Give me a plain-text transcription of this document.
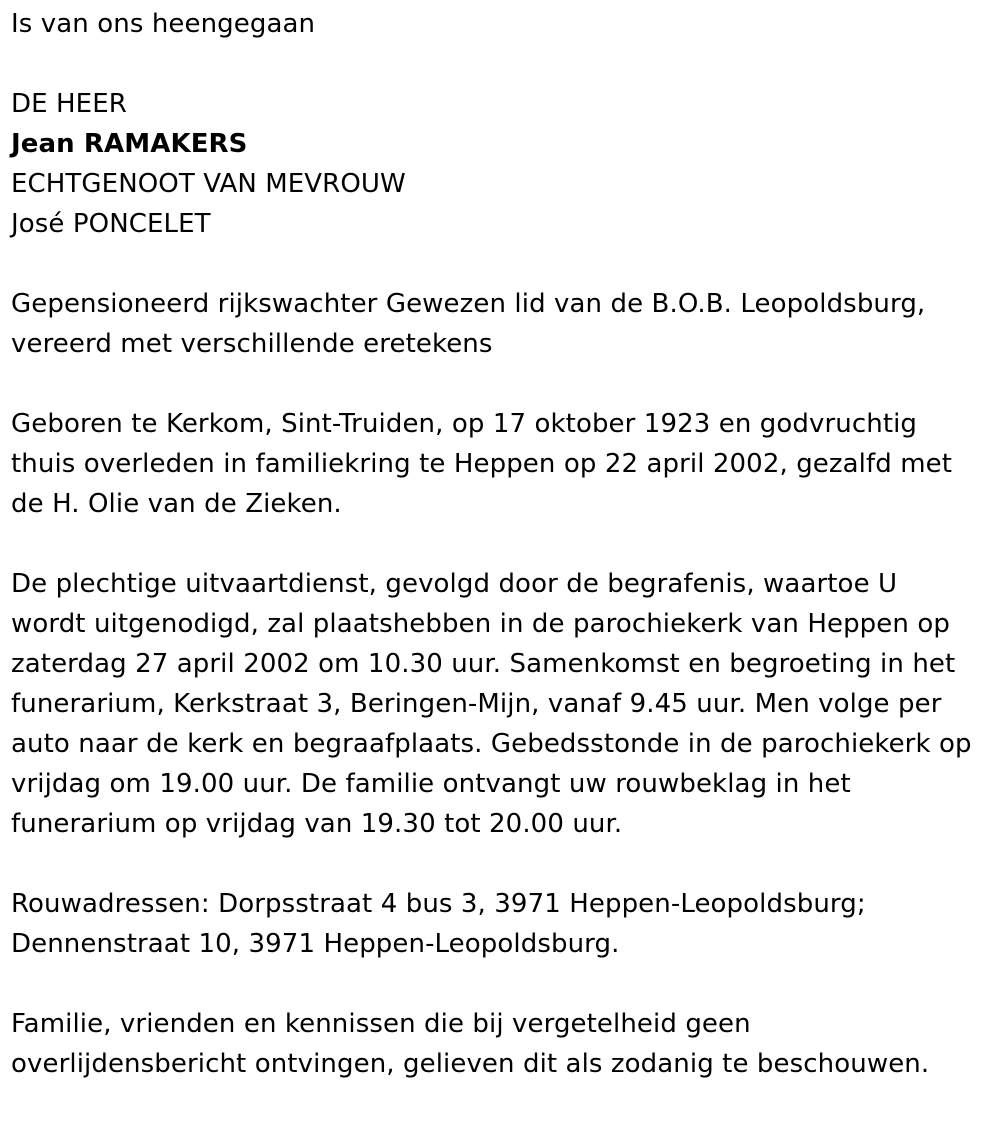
Is van ons heengegaan
DE HEER
Jean RAMAKERS
ECHTGENOOT VAN MEVROUW
José PONCELET
Gepensioneerd rijkswachter Gewezen lid van de B.O.B. Leopoldsburg,
vereerd met verschillende eretekens
Geboren te Kerkom, Sint-Truiden, op 17 oktober 1923 en godvruchtig
thuis overleden in familiekring te Heppen op 22 april 2002, gezalfd met
de H. Olie van de Zieken.
De plechtige uitvaartdienst, gevolgd door de begrafenis, waartoe U
wordt uitgenodigd, zal plaatshebben in de parochiekerk van Heppen op
zaterdag 27 april 2002 om 10.30 uur. Samenkomst en begroeting in het
funerarium, Kerkstraat 3, Beringen-Mijn, vanaf 9.45 uur. Men volge per
auto naar de kerk en begraafplaats. Gebedsstonde in de parochiekerk op
vrijdag om 19.00 uur. De familie ontvangt uw rouwbeklag in het
funerarium op vrijdag van 19.30 tot 20.00 uur.
Rouwadressen: Dorpsstraat 4 bus 3, 3971 Heppen-Leopoldsburg;
Dennenstraat 10, 3971 Heppen-Leopoldsburg.
Familie, vrienden en kennissen die bij vergetelheid geen
overlijdensbericht ontvingen, gelieven dit als zodanig te beschouwen.
